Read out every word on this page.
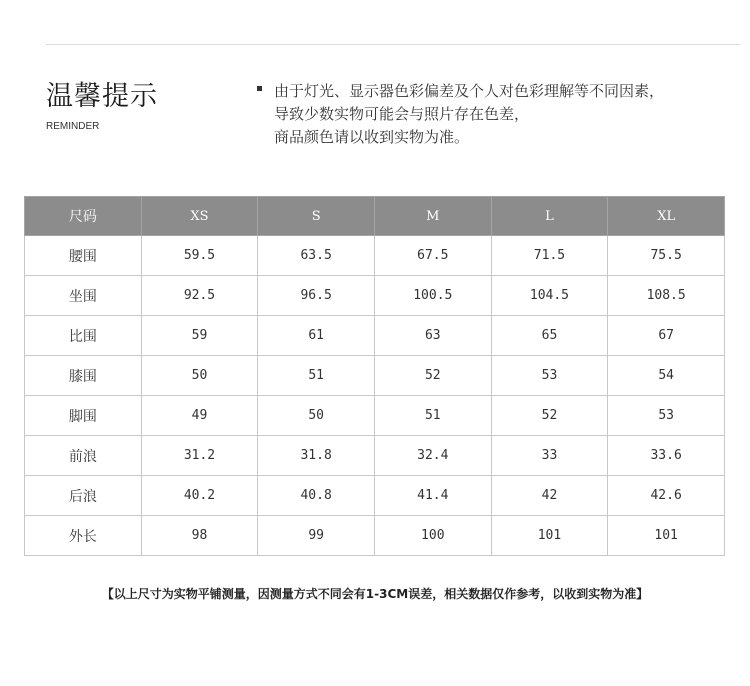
温馨提示
REMINDER
由于灯光、显示器色彩偏差及个人对色彩理解等不同因素，
导致少数实物可能会与照片存在色差，
商品颜色请以收到实物为准。
尺码	XS	S	M	L	XL
腰围	59.5	63.5	67.5	71.5	75.5
坐围	92.5	96.5	100.5	104.5	108.5
比围	59	61	63	65	67
膝围	50	51	52	53	54
脚围	49	50	51	52	53
前浪	31.2	31.8	32.4	33	33.6
后浪	40.2	40.8	41.4	42	42.6
外长	98	99	100	101	101
【以上尺寸为实物平铺测量，因测量方式不同会有1-3CM误差，相关数据仅作参考，以收到实物为准】
